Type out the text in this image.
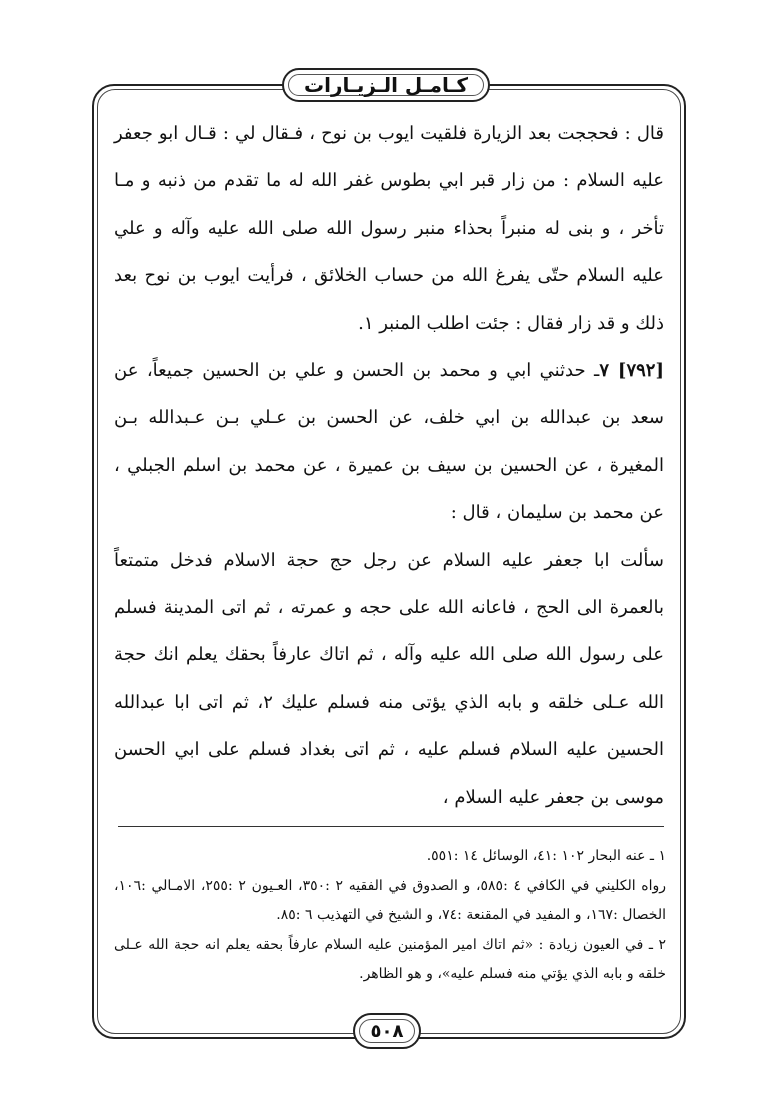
كـامـل الـزيـارات

قال : فحججت بعد الزيارة فلقيت ايوب بن نوح ، فـقال لي : قـال ابو جعفر عليه السلام : من زار قبر ابي بطوس غفر الله له ما تقدم من ذنبه و مـا تأخر ، و بنى له منبراً بحذاء منبر رسول الله صلى الله عليه وآله و علي عليه السلام حتّى يفرغ الله من حساب الخلائق ، فرأيت ايوب بن نوح بعد ذلك و قد زار فقال : جئت اطلب المنبر ١.

[٧٩٢] ٧ـ حدثني ابي و محمد بن الحسن و علي بن الحسين جميعاً، عن سعد بن عبدالله بن ابي خلف، عن الحسن بن عـلي بـن عـبدالله بـن المغيرة ، عن الحسين بن سيف بن عميرة ، عن محمد بن اسلم الجبلي ، عن محمد بن سليمان ، قال :

سألت ابا جعفر عليه السلام عن رجل حج حجة الاسلام فدخل متمتعاً بالعمرة الى الحج ، فاعانه الله على حجه و عمرته ، ثم اتى المدينة فسلم على رسول الله صلى الله عليه وآله ، ثم اتاك عارفاً بحقك يعلم انك حجة الله عـلى خلقه و بابه الذي يؤتى منه فسلم عليك ٢، ثم اتى ابا عبدالله الحسين عليه السلام فسلم عليه ، ثم اتى بغداد فسلم على ابي الحسن موسى بن جعفر عليه السلام ،

١ ـ عنه البحار ١٠٢ :٤١، الوسائل ١٤ :٥٥١.

رواه الكليني في الكافي ٤ :٥٨٥، و الصدوق في الفقيه ٢ :٣٥٠، العـيون ٢ :٢٥٥، الامـالي :١٠٦، الخصال :١٦٧، و المفيد في المقنعة :٧٤، و الشيخ في التهذيب ٦ :٨٥.

٢ ـ في العيون زيادة : «ثم اتاك امير المؤمنين عليه السلام عارفاً بحقه يعلم انه حجة الله عـلى خلقه و بابه الذي يؤتي منه فسلم عليه»، و هو الظاهر.

٥٠٨
